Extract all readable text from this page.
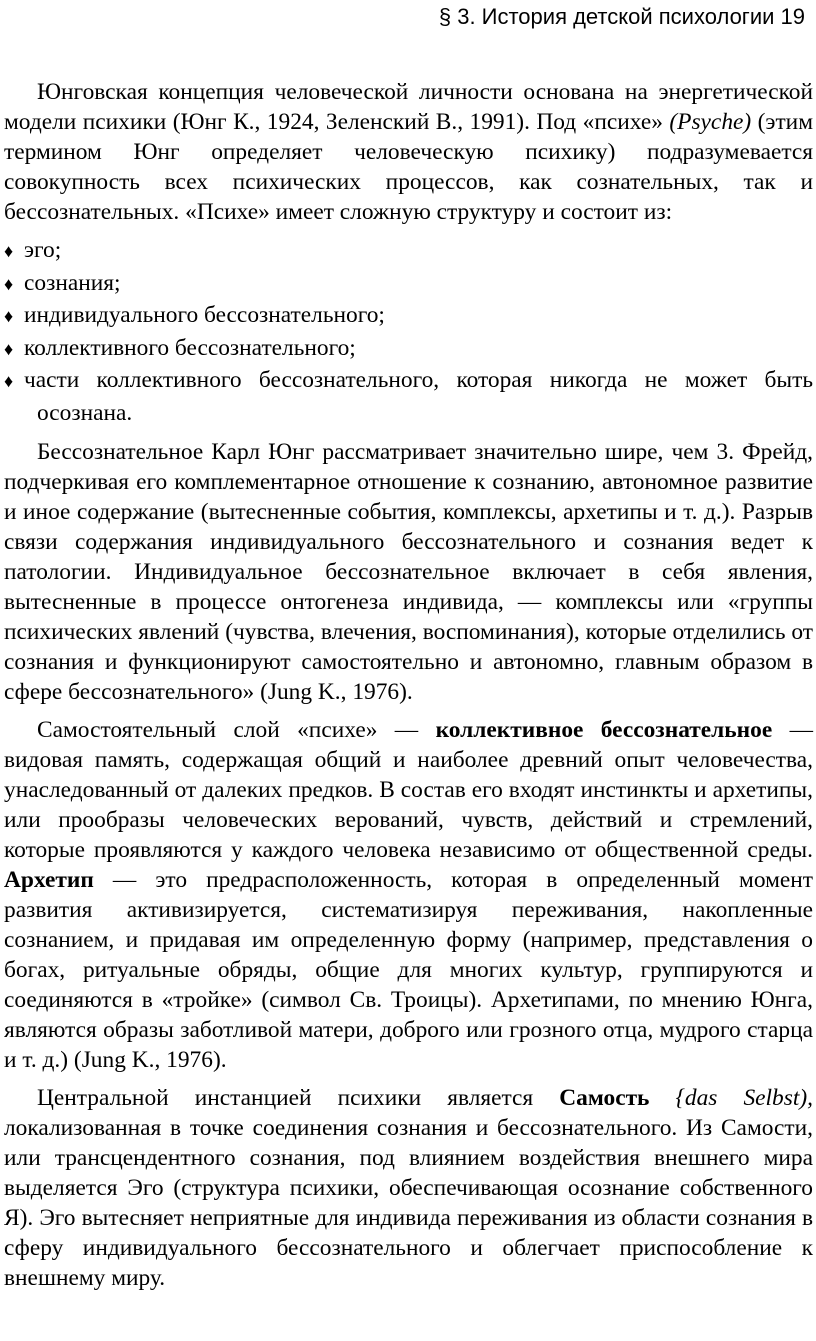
§ 3. История детской психологии 19

Юнговская концепция человеческой личности основана на энергетической модели психики (Юнг К., 1924, Зеленский В., 1991). Под «психе» (Psyche) (этим термином Юнг определяет человеческую психику) подразумевается совокупность всех психических процессов, как сознательных, так и бессознательных. «Психе» имеет сложную структуру и состоит из:

♦ эго;
♦ сознания;
♦ индивидуального бессознательного;
♦ коллективного бессознательного;
♦ части коллективного бессознательного, которая никогда не может быть осознана.

Бессознательное Карл Юнг рассматривает значительно шире, чем 3. Фрейд, подчеркивая его комплементарное отношение к сознанию, автономное развитие и иное содержание (вытесненные события, комплексы, архетипы и т. д.). Разрыв связи содержания индивидуального бессознательного и сознания ведет к патологии. Индивидуальное бессознательное включает в себя явления, вытесненные в процессе онтогенеза индивида, — комплексы или «группы психических явлений (чувства, влечения, воспоминания), которые отделились от сознания и функционируют самостоятельно и автономно, главным образом в сфере бессознательного» (Jung K., 1976).

Самостоятельный слой «психе» — коллективное бессознательное — видовая память, содержащая общий и наиболее древний опыт человечества, унаследованный от далеких предков. В состав его входят инстинкты и архетипы, или прообразы человеческих верований, чувств, действий и стремлений, которые проявляются у каждого человека независимо от общественной среды. Архетип — это предрасположенность, которая в определенный момент развития активизируется, систематизируя переживания, накопленные сознанием, и придавая им определенную форму (например, представления о богах, ритуальные обряды, общие для многих культур, группируются и соединяются в «тройке» (символ Св. Троицы). Архетипами, по мнению Юнга, являются образы заботливой матери, доброго или грозного отца, мудрого старца и т. д.) (Jung K., 1976).

Центральной инстанцией психики является Самость {das Selbst), локализованная в точке соединения сознания и бессознательного. Из Самости, или трансцендентного сознания, под влиянием воздействия внешнего мира выделяется Эго (структура психики, обеспечивающая осознание собственного Я). Эго вытесняет неприятные для индивида переживания из области сознания в сферу индивидуального бессознательного и облегчает приспособление к внешнему миру.
